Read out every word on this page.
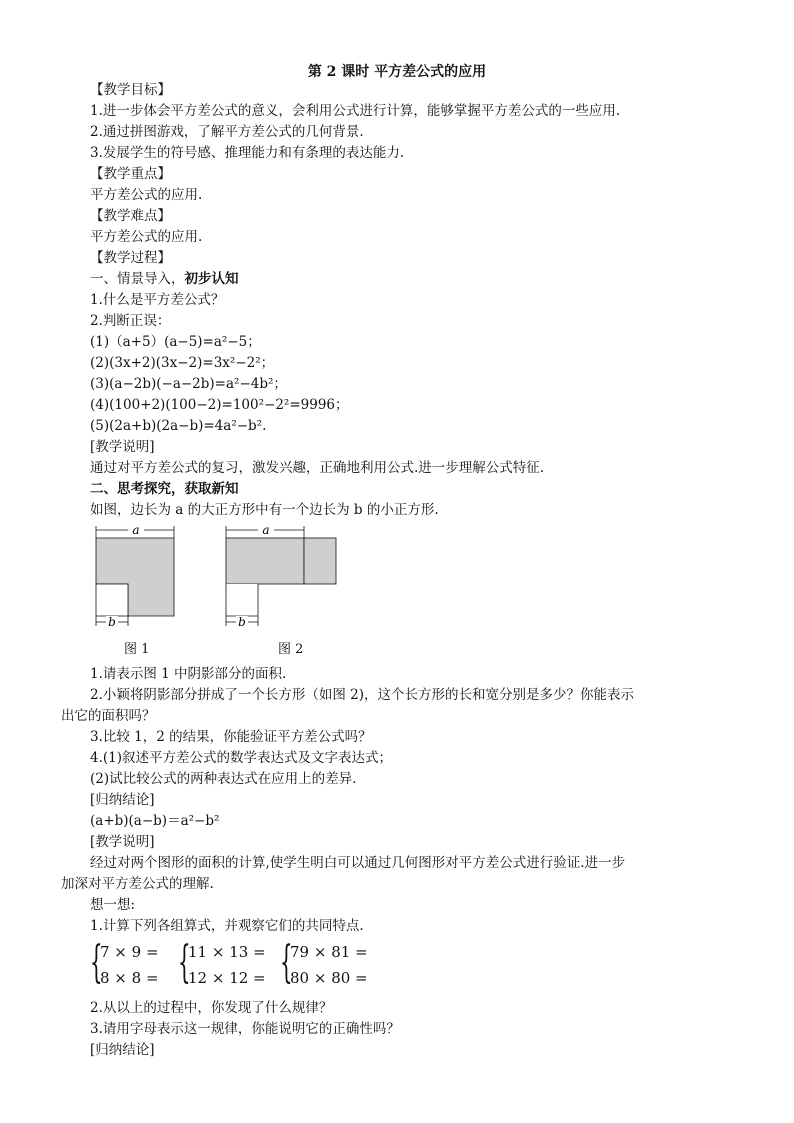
第 2 课时 平方差公式的应用
【教学目标】
1.进一步体会平方差公式的意义，会利用公式进行计算，能够掌握平方差公式的一些应用.
2.通过拼图游戏，了解平方差公式的几何背景.
3.发展学生的符号感、推理能力和有条理的表达能力.
【教学重点】
平方差公式的应用.
【教学难点】
平方差公式的应用.
【教学过程】
一、情景导入，初步认知
1.什么是平方差公式？
2.判断正误：
(1)（a+5）(a−5)=a²−5；
(2)(3x+2)(3x−2)=3x²−2²；
(3)(a−2b)(−a−2b)=a²−4b²；
(4)(100+2)(100−2)=100²−2²=9996；
(5)(2a+b)(2a−b)=4a²−b².
[教学说明]
通过对平方差公式的复习，激发兴趣，正确地利用公式.进一步理解公式特征.
二、思考探究，获取新知
如图，边长为 a 的大正方形中有一个边长为 b 的小正方形.
a
b
图 1
a
b
图 2
1.请表示图 1 中阴影部分的面积.
2.小颖将阴影部分拼成了一个长方形（如图 2)，这个长方形的长和宽分别是多少？你能表示
出它的面积吗？
3.比较 1，2 的结果，你能验证平方差公式吗？
4.(1)叙述平方差公式的数学表达式及文字表达式；
(2)试比较公式的两种表达式在应用上的差异.
[归纳结论]
(a+b)(a−b)＝a²−b²
[教学说明]
经过对两个图形的面积的计算,使学生明白可以通过几何图形对平方差公式进行验证.进一步
加深对平方差公式的理解.
想一想:
1.计算下列各组算式，并观察它们的共同特点.
{
7 × 9 =
8 × 8 = {
11 × 13 =
12 × 12 = {
79 × 81 =
80 × 80 =
2.从以上的过程中，你发现了什么规律？
3.请用字母表示这一规律，你能说明它的正确性吗？
[归纳结论]
